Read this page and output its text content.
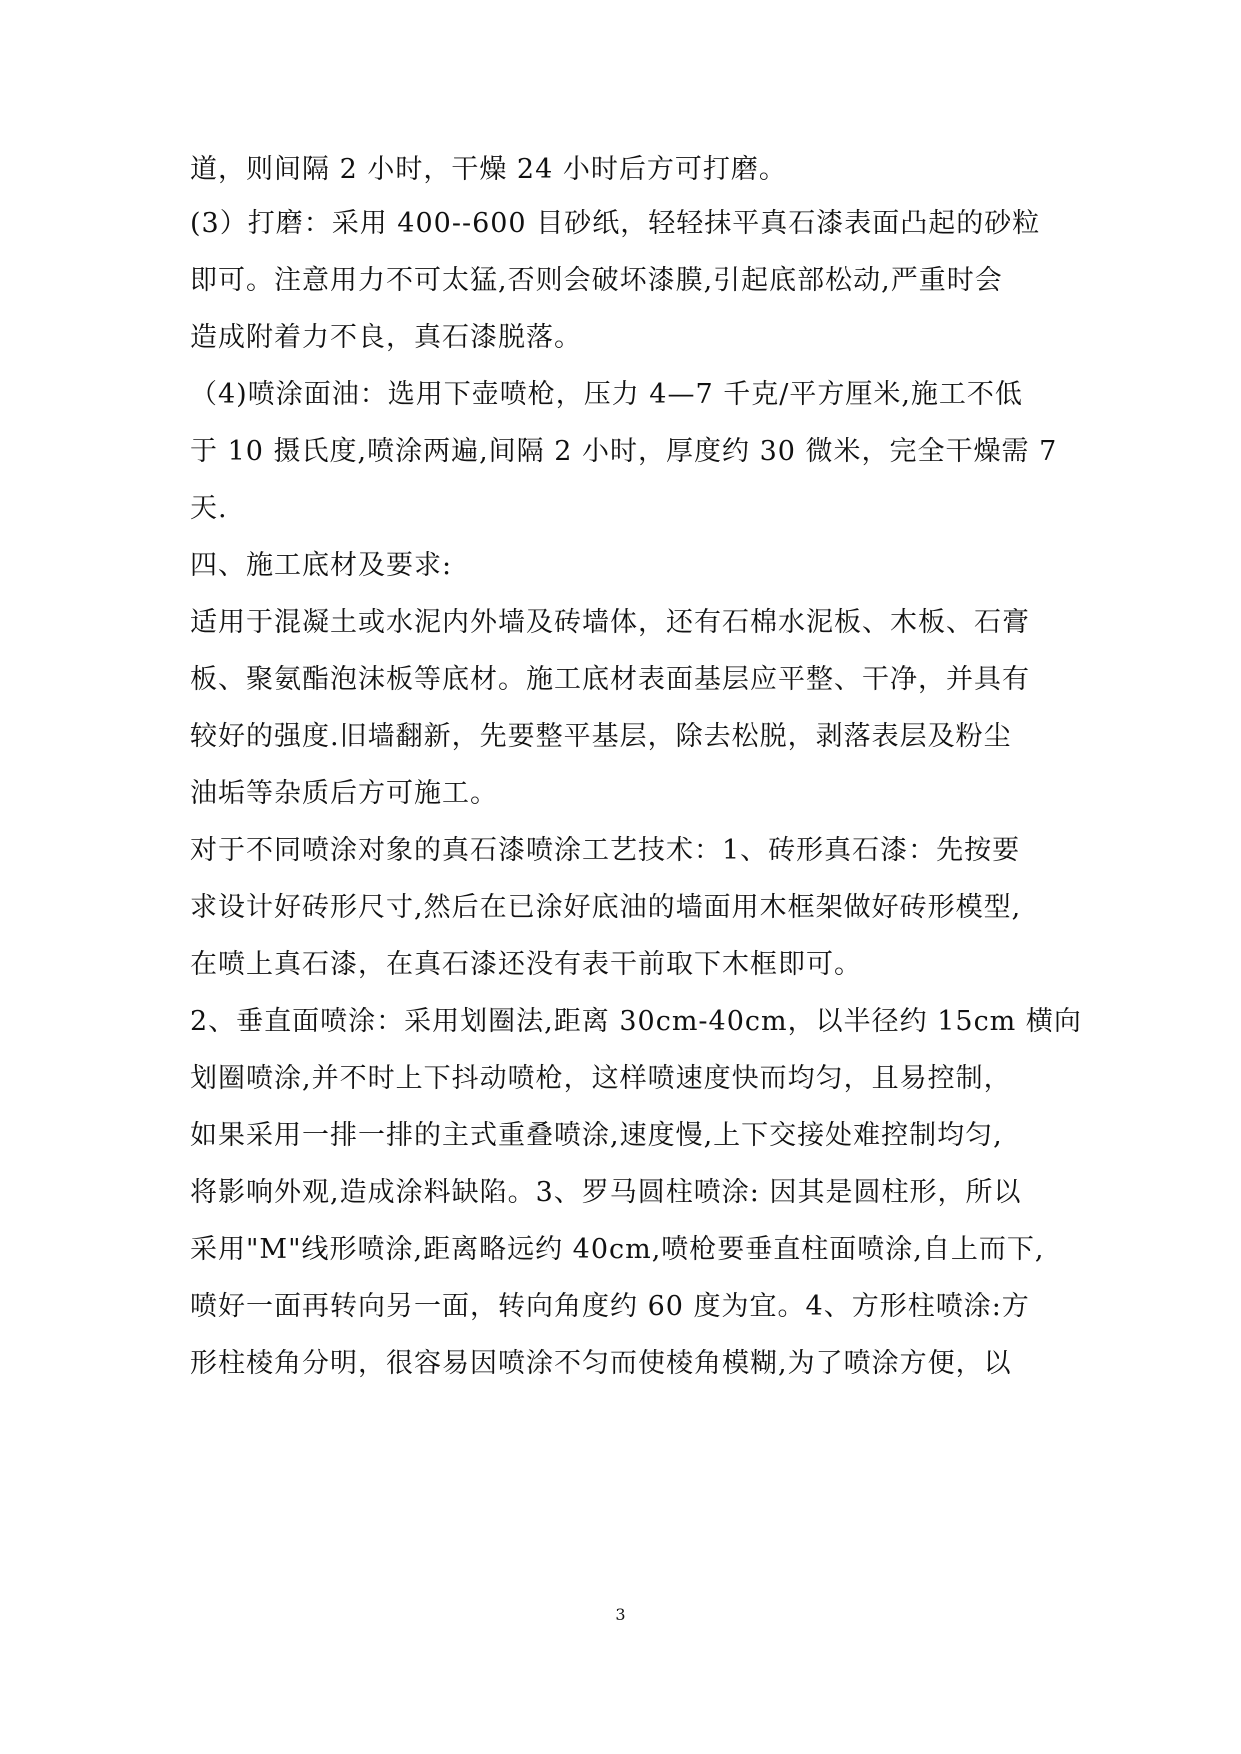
道，则间隔 2 小时，干燥 24 小时后方可打磨。
(3）打磨：采用 400--600 目砂纸，轻轻抹平真石漆表面凸起的砂粒
即可。注意用力不可太猛,否则会破坏漆膜,引起底部松动,严重时会
造成附着力不良，真石漆脱落。
（4)喷涂面油：选用下壶喷枪，压力 4—7 千克/平方厘米,施工不低
于 10 摄氏度,喷涂两遍,间隔 2 小时，厚度约 30 微米，完全干燥需 7
天.
四、施工底材及要求:
适用于混凝土或水泥内外墙及砖墙体，还有石棉水泥板、木板、石膏
板、聚氨酯泡沫板等底材。施工底材表面基层应平整、干净，并具有
较好的强度.旧墙翻新，先要整平基层，除去松脱，剥落表层及粉尘
油垢等杂质后方可施工。
对于不同喷涂对象的真石漆喷涂工艺技术：1、砖形真石漆：先按要
求设计好砖形尺寸,然后在已涂好底油的墙面用木框架做好砖形模型,
在喷上真石漆，在真石漆还没有表干前取下木框即可。
2、垂直面喷涂：采用划圈法,距离 30cm-40cm，以半径约 15cm 横向
划圈喷涂,并不时上下抖动喷枪，这样喷速度快而均匀，且易控制，
如果采用一排一排的主式重叠喷涂,速度慢,上下交接处难控制均匀,
将影响外观,造成涂料缺陷。3、罗马圆柱喷涂: 因其是圆柱形，所以
采用"M"线形喷涂,距离略远约 40cm,喷枪要垂直柱面喷涂,自上而下,
喷好一面再转向另一面，转向角度约 60 度为宜。4、方形柱喷涂:方
形柱棱角分明，很容易因喷涂不匀而使棱角模糊,为了喷涂方便，以
3
